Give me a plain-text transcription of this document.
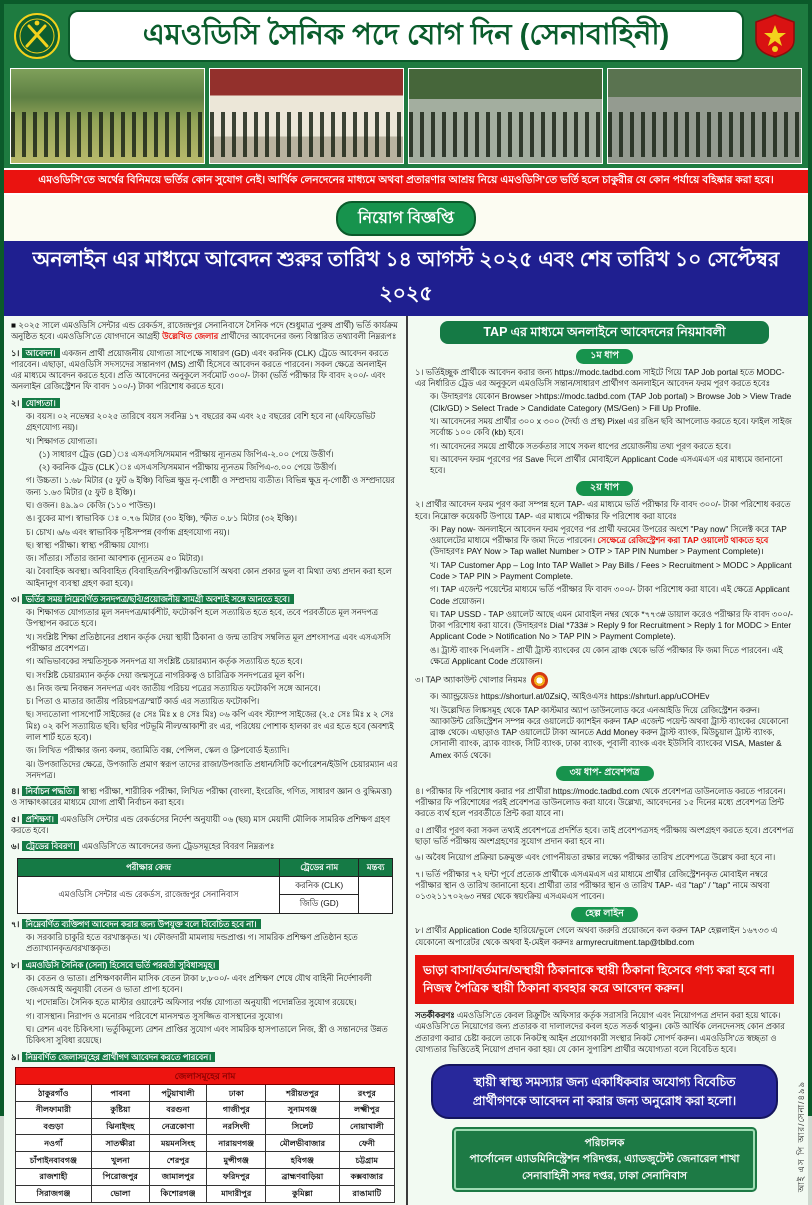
এমওডিসি সৈনিক পদে যোগ দিন (সেনাবাহিনী)
এমওডিসি'তে অর্থের বিনিময়ে ভর্তির কোন সুযোগ নেই। আর্থিক লেনদেনের মাধ্যমে অথবা প্রতারণার আশ্রয় নিয়ে এমওডিসি'তে ভর্তি হলে চাকুরীর যে কোন পর্যায়ে বহিষ্কার করা হবে।
নিয়োগ বিজ্ঞপ্তি
অনলাইন এর মাধ্যমে আবেদন শুরুর তারিখ ১৪ আগস্ট ২০২৫ এবং শেষ তারিখ ১০ সেপ্টেম্বর ২০২৫
■ ২০২৫ সালে এমওডিসি সেন্টার এন্ড রেকর্ডস, রাজেন্দ্রপুর সেনানিবাসে সৈনিক পদে (শুধুমাত্র পুরুষ প্রার্থী) ভর্তি কার্যক্রম অনুষ্ঠিত হবে। এমওডিসি'তে যোগদানে আগ্রহী উল্লেখিত জেলার প্রার্থীদের আবেদনের জন্য বিস্তারিত তথ্যাবলী নিম্নরূপঃ
১। আবেদন। একজন প্রার্থী প্রয়োজনীয় যোগ্যতা সাপেক্ষে সাধারণ (GD) এবং করনিক (CLK) ট্রেডে আবেদন করতে পারবেন। এছাড়া, এমওডিসি সদস্যদের সন্তানগণ (MS) প্রার্থী হিসেবে আবেদন করতে পারবেন। সকল ক্ষেত্রে অনলাইন এর মাধ্যমে আবেদন করতে হবে। প্রতি আবেদনের অনুকূলে সর্বমোট ৩০০/- টাকা (ভর্তি পরীক্ষার ফি বাবদ ২০০/- এবং অনলাইন রেজিস্ট্রেশন ফি বাবদ ১০০/-) টাকা পরিশোধ করতে হবে।
২। যোগ্যতা।
ক। বয়স। ০২ নভেম্বর ২০২৫ তারিখে বয়স সর্বনিম্ন ১৭ বছরের কম এবং ২৫ বছরের বেশি হবে না (এফিডেভিট গ্রহণযোগ্য নয়)।
খ। শিক্ষাগত যোগ্যতা।
(১) সাধারণ ট্রেড (GD)ঃ এসএসসি/সমমান পরীক্ষায় ন্যূনতম জিপিএ-২.০০ পেয়ে উত্তীর্ণ।
(২) করনিক ট্রেড (CLK)ঃ এসএসসি/সমমান পরীক্ষায় ন্যূনতম জিপিএ-৩.০০ পেয়ে উত্তীর্ণ।
গ। উচ্চতা। ১.৬৮ মিটার (৫ ফুট ৬ ইঞ্চি) বিভিন্ন ক্ষুদ্র নৃ-গোষ্ঠী ও সম্প্রদায় ব্যতীত। বিভিন্ন ক্ষুদ্র নৃ-গোষ্ঠী ও সম্প্রদায়ের জন্য ১.৬৩ মিটার (৫ ফুট ৪ ইঞ্চি)।
ঘ। ওজন। ৪৯.৯০ কেজি (১১০ পাউন্ড)।
ঙ। বুকের মাপ। স্বাভাবিক ঃ ০.৭৬ মিটার (৩০ ইঞ্চি), স্ফীত ০.৮১ মিটার (৩২ ইঞ্চি)।
চ। চোখ। ৬/৬ এবং স্বাভাবিক দৃষ্টিসম্পন্ন (বর্ণান্ধ গ্রহণযোগ্য নয়)।
ছ। স্বাস্থ্য পরীক্ষা। স্বাস্থ্য পরীক্ষায় যোগ্য।
জ। সাঁতার। সাঁতার জানা আবশ্যক (ন্যূনতম ৫০ মিটার)।
ঝ। বৈবাহিক অবস্থা। অবিবাহিত (বিবাহিত/বিপত্নীক/ডিভোর্সি অথবা কোন প্রকার ভুল বা মিথ্যা তথ্য প্রদান করা হলে আইনানুগ ব্যবস্থা গ্রহণ করা হবে)।
৩। ভর্তির সময় নিম্নেবর্ণিত সনদপত্র/ছবি/প্রয়োজনীয় সামগ্রী অবশ্যই সঙ্গে আনতে হবে।
ক। শিক্ষাগত যোগ্যতার মূল সনদপত্র/মার্কশীট, ফটোকপি হলে সত্যায়িত হতে হবে, তবে পরবর্তীতে মূল সনদপত্র উপস্থাপন করতে হবে।
খ। সংশ্লিষ্ট শিক্ষা প্রতিষ্ঠানের প্রধান কর্তৃক দেয়া স্থায়ী ঠিকানা ও জন্ম তারিখ সম্বলিত মূল প্রশংসাপত্র এবং এসএসসি পরীক্ষার প্রবেশপত্র।
গ। অভিভাবকের সম্মতিসূচক সনদপত্র যা সংশ্লিষ্ট চেয়ারম্যান কর্তৃক সত্যায়িত হতে হবে।
ঘ। সংশ্লিষ্ট চেয়ারম্যান কর্তৃক দেয়া জন্মসূত্রে নাগরিকত্ব ও চারিত্রিক সনদপত্রের মূল কপি।
ঙ। নিজ জন্ম নিবন্ধন সনদপত্র এবং জাতীয় পরিচয় পত্রের সত্যায়িত ফটোকপি সঙ্গে আনবে।
চ। পিতা ও মাতার জাতীয় পরিচয়পত্র/স্মার্ট কার্ড এর সত্যায়িত ফটোকপি।
ছ। সদ্যতোলা পাসপোর্ট সাইজের (৫ সেঃ মিঃ x ৪ সেঃ মিঃ) ০৬ কপি এবং স্ট্যাম্প সাইজের (২.৫ সেঃ মিঃ x ২ সেঃ মিঃ) ০২ কপি সত্যায়িত ছবি। ছবির পটভূমি নীল/আকাশী রং এর, পরিধেয় পোশাক হালকা রং এর হতে হবে (অবশ্যই লাল শার্ট হতে হবে)।
জ। লিখিত পরীক্ষার জন্য কলম, জ্যামিতি বক্স, পেন্সিল, স্কেল ও ক্লিপবোর্ড ইত্যাদি।
ঝ। উপজাতিদের ক্ষেত্রে, উপজাতি প্রমাণ স্বরূপ তাদের রাজা/উপজাতি প্রধান/সিটি কর্পোরেশন/ইউপি চেয়ারম্যান এর সনদপত্র।
৪। নির্বাচন পদ্ধতি। স্বাস্থ্য পরীক্ষা, শারীরিক পরীক্ষা, লিখিত পরীক্ষা (বাংলা, ইংরেজি, গণিত, সাধারণ জ্ঞান ও বুদ্ধিমত্তা) ও সাক্ষাৎকারের মাধ্যমে যোগ্য প্রার্থী নির্বাচন করা হবে।
৫। প্রশিক্ষণ। এমওডিসি সেন্টার এন্ড রেকর্ডসের নির্দেশ অনুযায়ী ০৬ (ছয়) মাস মেয়াদী মৌলিক সামরিক প্রশিক্ষণ গ্রহণ করতে হবে।
৬। ট্রেডের বিবরণ। এমওডিসি'তে আবেদনের জন্য ট্রেডসমূহের বিবরণ নিম্নরূপঃ
পরীক্ষার কেন্দ্র	ট্রেডের নাম	মন্তব্য
এমওডিসি সেন্টার এন্ড রেকর্ডস, রাজেন্দ্রপুর সেনানিবাস	করনিক (CLK)	
	জিডি (GD)	
৭। নিম্নেবর্ণিত ব্যক্তিগণ আবেদন করার জন্য উপযুক্ত বলে বিবেচিত হবে না।
ক। সরকারি চাকুরি হতে বরখাস্তকৃত। খ। ফৌজদারী মামলায় দন্ডপ্রাপ্ত। গ। সামরিক প্রশিক্ষণ প্রতিষ্ঠান হতে প্রত্যাখ্যানকৃত/বরখাস্তকৃত।
৮। এমওডিসি সৈনিক (সেনা) হিসেবে ভর্তি পরবর্তী সুবিধাসমূহ।
ক। বেতন ও ভাতা। প্রশিক্ষণকালীন মাসিক বেতন টাকা ৮,৮০০/- এবং প্রশিক্ষণ শেষে যৌথ বাহিনী নির্দেশাবলী জেএসআই অনুযায়ী বেতন ও ভাতা প্রাপ্য হবেন।
খ। পদোন্নতি। সৈনিক হতে মাস্টার ওয়ারেন্ট অফিসার পর্যন্ত যোগ্যতা অনুযায়ী পদোন্নতির সুযোগ রয়েছে।
গ। বাসস্থান। নিরাপদ ও মনোরম পরিবেশে মানসম্মত সুসজ্জিত বাসস্থানের সুযোগ।
ঘ। রেশন এবং চিকিৎসা। ভর্তুকিমূল্যে রেশন প্রাপ্তির সুযোগ এবং সামরিক হাসপাতালে নিজ, স্ত্রী ও সন্তানদের উন্নত চিকিৎসা সুবিধা রয়েছে।
৯। নিম্নবর্ণিত জেলাসমূহের প্রার্থীগণ আবেদন করতে পারবেন।
জেলাসমূহের নাম					
ঠাকুরগাঁও	পাবনা	পটুয়াখালী	ঢাকা	শরীয়তপুর	রংপুর
নীলফামারী	কুষ্টিয়া	বরগুনা	গাজীপুর	সুনামগঞ্জ	লক্ষ্মীপুর
বগুড়া	ঝিনাইদহ	নেত্রকোণা	নরসিংদী	সিলেট	নোয়াখালী
নওগাঁ	সাতক্ষীরা	ময়মনসিংহ	নারায়ণগঞ্জ	মৌলভীবাজার	ফেনী
চাঁপাইনবাবগঞ্জ	খুলনা	শেরপুর	মুন্সীগঞ্জ	হবিগঞ্জ	চট্টগ্রাম
রাজশাহী	পিরোজপুর	জামালপুর	ফরিদপুর	ব্রাহ্মণবাড়িয়া	কক্সবাজার
সিরাজগঞ্জ	ভোলা	কিশোরগঞ্জ	মাদারীপুর	কুমিল্লা	রাঙামাটি
TAP এর মাধ্যমে অনলাইনে আবেদনের নিয়মাবলী
১ম ধাপ
১। ভর্তিইচ্ছুক প্রার্থীকে আবেদন করার জন্য https://modc.tadbd.com সাইটে গিয়ে TAP Job portal হতে MODC-এর নির্ধারিত ট্রেড এর অনুকূলে এমওডিসি সন্তান/সাধারণ প্রার্থীগণ অনলাইনে আবেদন ফরম পূরণ করতে হবেঃ
ক। উদাহরণঃ যেকোন Browser >https://modc.tadbd.com (TAP Job portal) > Browse Job > View Trade (Clk/GD) > Select Trade > Candidate Category (MS/Gen) > Fill Up Profile.
খ। আবেদনের সময় প্রার্থীর ৩০০ x ৩০০ (দৈর্ঘ্য ও প্রস্থ) Pixel এর রঙিন ছবি আপলোড করতে হবে। ফাইল সাইজ সর্বোচ্চ ১০০ কেবি (kb) হবে।
গ। আবেদনের সময়ে প্রার্থীকে সতর্কতার সাথে সকল ধাপের প্রয়োজনীয় তথ্য পূরণ করতে হবে।
ঘ। আবেদন ফরম পূরণের পর Save দিলে প্রার্থীর মোবাইলে Applicant Code এসএমএস এর মাধ্যমে জানানো হবে।
২য় ধাপ
২। প্রার্থীর আবেদন ফরম পূরণ করা সম্পন্ন হলে TAP- এর মাধ্যমে ভর্তি পরীক্ষার ফি বাবদ ৩০০/- টাকা পরিশোধ করতে হবে। নিম্নোক্ত কয়েকটি উপায়ে TAP- এর মাধ্যমে পরীক্ষার ফি পরিশোধ করা যাবেঃ
ক। Pay now- অনলাইনে আবেদন ফরম পূরণের পর প্রার্থী ফরমের উপরের অংশে "Pay now" সিলেক্ট করে TAP ওয়ালেটের মাধ্যমে পরীক্ষার ফি জমা দিতে পারবেন। সেক্ষেত্রে রেজিস্ট্রেশন করা TAP ওয়ালেট থাকতে হবে (উদাহরণঃ PAY Now > Tap wallet Number > OTP > TAP PIN Number > Payment Complete)।
খ। TAP Customer App – Log Into TAP Wallet > Pay Bills / Fees > Recruitment > MODC > Applicant Code > TAP PIN > Payment Complete.
গ। TAP এজেন্ট পয়েন্টের মাধ্যমে ভর্তি পরীক্ষার ফি বাবদ ৩০০/- টাকা পরিশোধ করা যাবে। এই ক্ষেত্রে Applicant Code প্রয়োজন।
ঘ। TAP USSD - TAP ওয়ালেট আছে এমন মোবাইল নম্বর থেকে *৭৭৩# ডায়াল করেও পরীক্ষার ফি বাবদ ৩০০/- টাকা পরিশোধ করা যাবে। (উদাহরণঃ Dial *733# > Reply 9 for Recruitment > Reply 1 for MODC > Enter Applicant Code > Notification No > TAP PIN > Payment Complete).
ঙ। ট্রাস্ট ব্যাংক পিএলসি - প্রার্থী ট্রাস্ট ব্যাংকের যে কোন ব্রাঞ্চ থেকে ভর্তি পরীক্ষার ফি জমা দিতে পারবেন। এই ক্ষেত্রে Applicant Code প্রয়োজন।
৩। TAP অ্যাকাউন্ট খোলার নিয়মঃ
ক। অ্যান্ড্রয়েডঃ https://shorturl.at/0ZsiQ, আইওএসঃ https://shrturl.app/uCOHEv
খ। উল্লেখিত লিঙ্কসমূহ থেকে TAP কাস্টমার অ্যাপ ডাউনলোড করে এনআইডি দিয়ে রেজিস্ট্রেশন করুন। অ্যাকাউন্ট রেজিস্ট্রেশন সম্পন্ন করে ওয়ালেটে ক্যাশইন করুন TAP এজেন্ট পয়েন্ট অথবা ট্রাস্ট ব্যাংকের যেকোনো ব্রাঞ্চ থেকে। এছাড়াও TAP ওয়ালেটে টাকা আনতে Add Money করুন ট্রাস্ট ব্যাংক, মিউচুয়াল ট্রাস্ট ব্যাংক, সোনালী ব্যাংক, ব্র্যাক ব্যাংক, সিটি ব্যাংক, ঢাকা ব্যাংক, পূবালী ব্যাংক এবং ইউসিবি ব্যাংকের VISA, Master & Amex কার্ড থেকে।
৩য় ধাপ- প্রবেশপত্র
৪। পরীক্ষার ফি পরিশোধ করার পর প্রার্থীরা https://modc.tadbd.com থেকে প্রবেশপত্র ডাউনলোড করতে পারবেন। পরীক্ষার ফি পরিশোধের পরই প্রবেশপত্র ডাউনলোড করা যাবে। উল্লেখ্য, আবেদনের ১৫ দিনের মধ্যে প্রবেশপত্র প্রিন্ট করতে ব্যর্থ হলে পরবর্তীতে প্রিন্ট করা যাবে না।
৫। প্রার্থীর পূরণ করা সকল তথ্যই প্রবেশপত্রে প্রদর্শিত হবে। তাই প্রবেশপত্রসহ পরীক্ষায় অংশগ্রহণ করতে হবে। প্রবেশপত্র ছাড়া ভর্তি পরীক্ষায় অংশগ্রহণের সুযোগ প্রদান করা হবে না।
৬। অবৈধ নিয়োগ প্রক্রিয়া চক্রমুক্ত এবং গোপনীয়তা রক্ষার লক্ষ্যে পরীক্ষার তারিখ প্রবেশপত্রে উল্লেখ করা হবে না।
৭। ভর্তি পরীক্ষার ৭২ ঘন্টা পূর্বে প্রত্যেক প্রার্থীকে এসএমএস এর মাধ্যমে প্রার্থীর রেজিস্ট্রেশনকৃত মোবাইল নম্বরে পরীক্ষার স্থান ও তারিখ জানানো হবে। প্রার্থীরা তার পরীক্ষার স্থান ও তারিখ TAP- এর "tap" / "tap" নামে অথবা ০১৩২১১৭০২৬৩ নম্বর থেকে স্বয়ংক্রিয় এসএমএস পাবেন।
হেল্প লাইন
৮। প্রার্থীর Application Code হারিয়ে/ভুলে গেলে অথবা জরুরি প্রয়োজনে কল করুন TAP হেল্পলাইন ১৬৭৩৩ এ যেকোনো অপারেটর থেকে অথবা ই-মেইল করুনঃ armyrecruitment.tap@tblbd.com
ভাড়া বাসা/বর্তমান/অস্থায়ী ঠিকানাকে স্থায়ী ঠিকানা হিসেবে গণ্য করা হবে না। নিজস্ব পৈত্রিক স্থায়ী ঠিকানা ব্যবহার করে আবেদন করুন।
সতর্কীকরণঃ এমওডিসি'তে কেবল রিক্রুটিং অফিসার কর্তৃক সরাসরি নিয়োগ এবং নিয়োগপত্র প্রদান করা হয়ে থাকে। এমওডিসি'তে নিয়োগের জন্য প্রতারক বা দালালদের কবল হতে সতর্ক থাকুন। কেউ আর্থিক লেনদেনসহ কোন প্রকার প্রতারণা করার চেষ্টা করলে তাকে নিকটস্থ আইন প্রয়োগকারী সংস্থার নিকট সোপর্দ করুন। এমওডিসি'তে স্বচ্ছতা ও যোগ্যতার ভিত্তিতেই নিয়োগ প্রদান করা হয়। যে কোন সুপারিশ প্রার্থীর অযোগ্যতা বলে বিবেচিত হবে।
স্থায়ী স্বাস্থ্য সমস্যার জন্য একাধিকবার অযোগ্য বিবেচিত প্রার্থীগণকে আবেদন না করার জন্য অনুরোধ করা হলো।
পরিচালক
পার্সোনেল এ্যাডমিনিস্ট্রেশন পরিদপ্তর, এ্যাডজুটেন্ট জেনারেল শাখা
সেনাবাহিনী সদর দপ্তর, ঢাকা সেনানিবাস	আই এস পি আর/সেনা/৪৯৯
